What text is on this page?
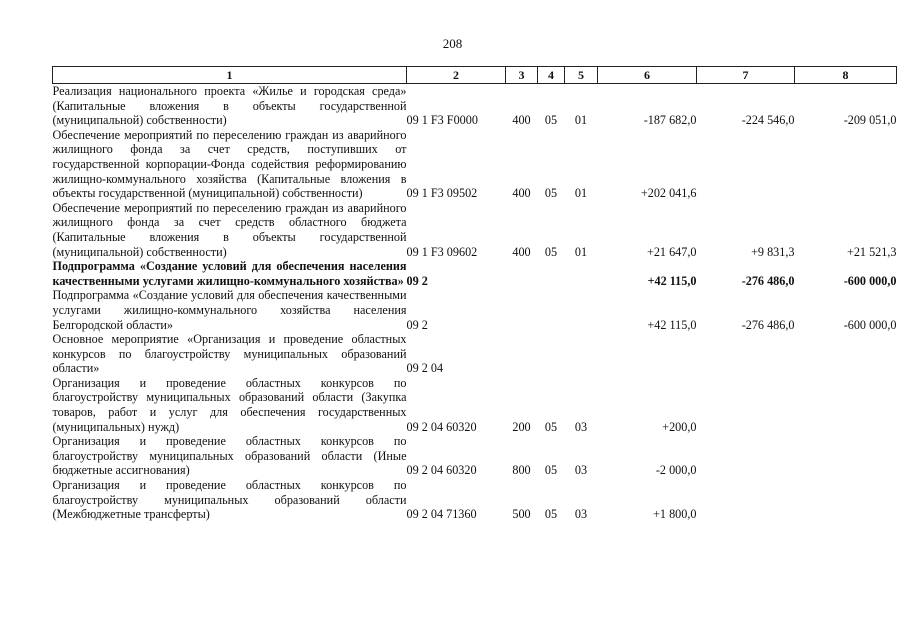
208
1	2	3	4	5	6	7	8
Реализация национального проекта «Жилье и городская среда» (Капитальные вложения в объекты государственной (муниципальной) собственности)	09 1 F3 F0000	400	05	01	-187 682,0	-224 546,0	-209 051,0
Обеспечение мероприятий по переселению граждан из аварийного жилищного фонда за счет средств, поступивших от государственной корпорации-Фонда содействия реформированию жилищно-коммунального хозяйства (Капитальные вложения в объекты государственной (муниципальной) собственности)	09 1 F3 09502	400	05	01	+202 041,6		
Обеспечение мероприятий по переселению граждан из аварийного жилищного фонда за счет средств областного бюджета (Капитальные вложения в объекты государственной (муниципальной) собственности)	09 1 F3 09602	400	05	01	+21 647,0	+9 831,3	+21 521,3
Подпрограмма «Создание условий для обеспечения населения качественными услугами жилищно-коммунального хозяйства»	09 2				+42 115,0	-276 486,0	-600 000,0
Подпрограмма «Создание условий для обеспечения качественными услугами жилищно-коммунального хозяйства населения Белгородской области»	09 2				+42 115,0	-276 486,0	-600 000,0
Основное мероприятие «Организация и проведение областных конкурсов по благоустройству муниципальных образований области»	09 2 04						
Организация и проведение областных конкурсов по благоустройству муниципальных образований области (Закупка товаров, работ и услуг для обеспечения государственных (муниципальных) нужд)	09 2 04 60320	200	05	03	+200,0		
Организация и проведение областных конкурсов по благоустройству муниципальных образований области (Иные бюджетные ассигнования)	09 2 04 60320	800	05	03	-2 000,0		
Организация и проведение областных конкурсов по благоустройству муниципальных образований области (Межбюджетные трансферты)	09 2 04 71360	500	05	03	+1 800,0		
